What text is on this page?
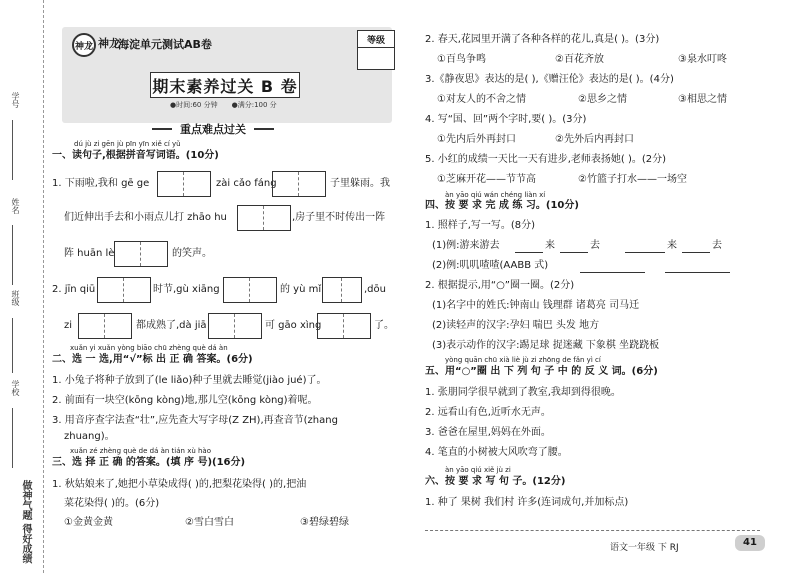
学号
姓名
班级
学校
做神气题 得好成绩
神龙 神龙
海淀单元测试AB卷	等级
期末素养过关 B 卷
●时间:60 分钟 ●满分:100 分
重点难点过关
dú jù zi gēn jù pīn yīn xiě cí yǔ
一、读句子,根据拼音写词语。(10分)
1. 下雨啦,我和 gē ge	zài cǎo fáng	子里躲雨。我
们近伸出手去和小雨点儿打 zhāo hu	,房子里不时传出一阵
阵 huān lè	的笑声。
2. jīn qiū	时节,gù xiāng	的 yù mǐ	,dōu
zi	都成熟了,dà jiā	可 gāo xìng	了。
xuǎn yi xuǎn yòng biāo chū zhèng què dá àn
二、选 一 选,用“√”标 出 正 确 答案。(6分)
1. 小兔子将种子放到了(le liǎo)种子里就去睡觉(jiào jué)了。
2. 前面有一块空(kōng kòng)地,那儿空(kōng kòng)着呢。
3. 用音序查字法查“壮”,应先查大写字母(Z ZH),再查音节(zhang
zhuang)。
xuǎn zé zhèng què de dá àn tián xù hào
三、选 择 正 确 的答案。(填 序 号)(16分)
1. 秋姑娘来了,她把小草染成得( )的,把梨花染得( )的,把油
菜花染得( )的。(6分)
①金黄金黄	②雪白雪白	③碧绿碧绿
2. 春天,花园里开满了各种各样的花儿,真是( )。(3分)
①百鸟争鸣	②百花齐放	③泉水叮咚
3.《静夜思》表达的是( ),《赠汪伦》表达的是( )。(4分)
①对友人的不舍之情	②思乡之情	③相思之情
4. 写“国、回”两个字时,要( )。(3分)
①先内后外再封口	②先外后内再封口
5. 小红的成绩一天比一天有进步,老师表扬她( )。(2分)
①芝麻开花——节节高	②竹篮子打水——一场空
àn yāo qiú wán chéng liàn xí
四、按 要 求 完 成 练 习。(10分)
1. 照样子,写一写。(8分)
(1)例:游来游去	来	去	来	去
(2)例:叽叽喳喳(AABB 式)
2. 根据提示,用“○”圈一圈。(2分)
(1)名字中的姓氏:钟南山 钱理群 诸葛亮 司马迁
(2)读轻声的汉字:孕妇 喘巴 头发 地方
(3)表示动作的汉字:踢足球 捉迷藏 下象棋 坐跷跷板
yòng quān chū xià liè jù zi zhōng de fǎn yì cí
五、用“○”圈 出 下 列 句 子 中 的 反 义 词。(6分)
1. 张朋同学很早就到了教室,我却到得很晚。
2. 远看山有色,近听水无声。
3. 爸爸在屋里,妈妈在外面。
4. 笔直的小树被大风吹弯了腰。
àn yāo qiú xiě jù zi
六、按 要 求 写 句 子。(12分)
1. 种了 果树 我们村 许多(连词成句,并加标点)
语文一年级 下 RJ	41
